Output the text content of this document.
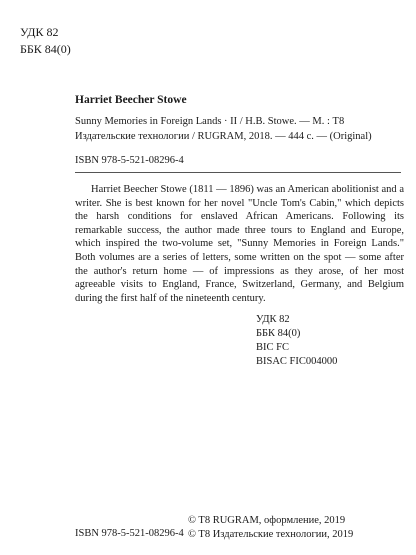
УДК 82
ББК 84(0)
Harriet Beecher Stowe
Sunny Memories in Foreign Lands · II / H.B. Stowe. — М. : T8
Издательские технологии / RUGRAM, 2018. — 444 с. — (Original)
ISBN 978-5-521-08296-4

Harriet Beecher Stowe (1811 — 1896) was an American abolitionist and a writer. She is best known for her novel "Uncle Tom's Cabin," which depicts the harsh conditions for enslaved African Americans. Following its remarkable success, the author made three tours to England and Europe, which inspired the two-volume set, "Sunny Memories in Foreign Lands." Both volumes are a series of letters, some written on the spot — some after the author's return home — of impressions as they arose, of her most agreeable visits to England, France, Switzerland, Germany, and Belgium during the first half of the nineteenth century.

УДК 82
ББК 84(0)
BIC FC
BISAC FIC004000
ISBN 978-5-521-08296-4
© T8 RUGRAM, оформление, 2019
© T8 Издательские технологии, 2019
